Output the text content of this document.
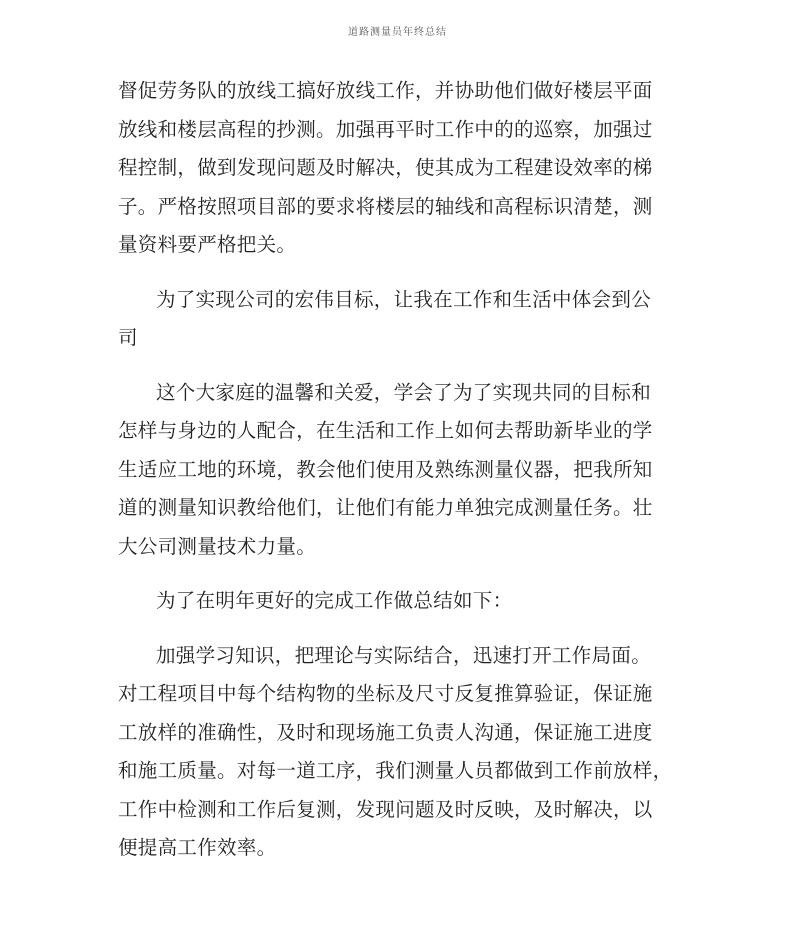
道路测量员年终总结
督促劳务队的放线工搞好放线工作，并协助他们做好楼层平面
放线和楼层高程的抄测。加强再平时工作中的的巡察，加强过
程控制，做到发现问题及时解决，使其成为工程建设效率的梯
子。严格按照项目部的要求将楼层的轴线和高程标识清楚，测
量资料要严格把关。
为了实现公司的宏伟目标，让我在工作和生活中体会到公
司
这个大家庭的温馨和关爱，学会了为了实现共同的目标和
怎样与身边的人配合，在生活和工作上如何去帮助新毕业的学
生适应工地的环境，教会他们使用及熟练测量仪器，把我所知
道的测量知识教给他们，让他们有能力单独完成测量任务。壮
大公司测量技术力量。
为了在明年更好的完成工作做总结如下：
加强学习知识，把理论与实际结合，迅速打开工作局面。
对工程项目中每个结构物的坐标及尺寸反复推算验证，保证施
工放样的准确性，及时和现场施工负责人沟通，保证施工进度
和施工质量。对每一道工序，我们测量人员都做到工作前放样，
工作中检测和工作后复测，发现问题及时反映，及时解决，以
便提高工作效率。
